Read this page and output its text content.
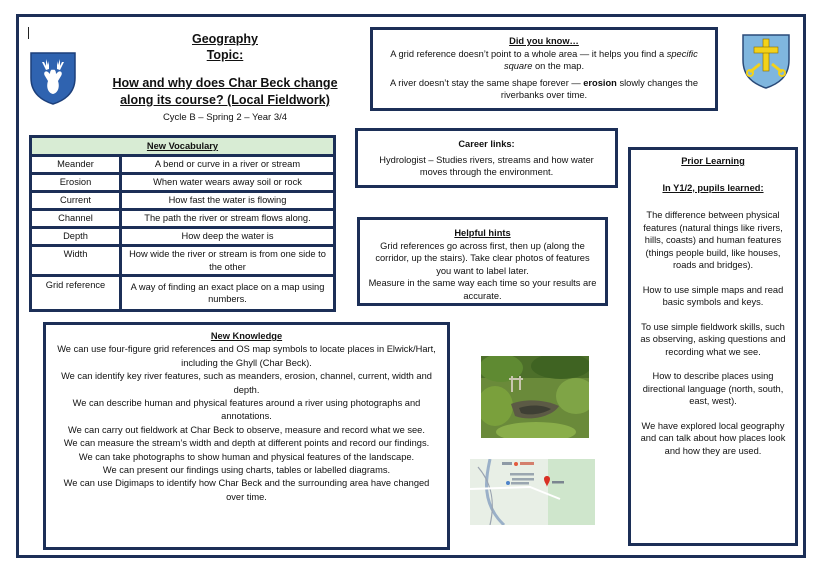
Geography
Topic:
How and why does Char Beck change along its course? (Local Fieldwork)
Cycle B – Spring 2 – Year 3/4
Did you know…
A grid reference doesn’t point to a whole area — it helps you find a specific square on the map.
A river doesn’t stay the same shape forever — erosion slowly changes the riverbanks over time.
New Vocabulary
Meander	A bend or curve in a river or stream
Erosion	When water wears away soil or rock
Current	How fast the water is flowing
Channel	The path the river or stream flows along.
Depth	How deep the water is
Width	How wide the river or stream is from one side to the other
Grid reference	A way of finding an exact place on a map using numbers.
Career links:
Hydrologist – Studies rivers, streams and how water moves through the environment.
Helpful hints
Grid references go across first, then up (along the corridor, up the stairs). Take clear photos of features you want to label later.
Measure in the same way each time so your results are accurate.
Prior Learning
In Y1/2, pupils learned:
The difference between physical features (natural things like rivers, hills, coasts) and human features (things people build, like houses, roads and bridges).
How to use simple maps and read basic symbols and keys.
To use simple fieldwork skills, such as observing, asking questions and recording what we see.
How to describe places using directional language (north, south, east, west).
We have explored local geography and can talk about how places look and how they are used.
New Knowledge
We can use four-figure grid references and OS map symbols to locate places in Elwick/Hart, including the Ghyll (Char Beck).
We can identify key river features, such as meanders, erosion, channel, current, width and depth.
We can describe human and physical features around a river using photographs and annotations.
We can carry out fieldwork at Char Beck to observe, measure and record what we see.
We can measure the stream’s width and depth at different points and record our findings.
We can take photographs to show human and physical features of the landscape.
We can present our findings using charts, tables or labelled diagrams.
We can use Digimaps to identify how Char Beck and the surrounding area have changed over time.
